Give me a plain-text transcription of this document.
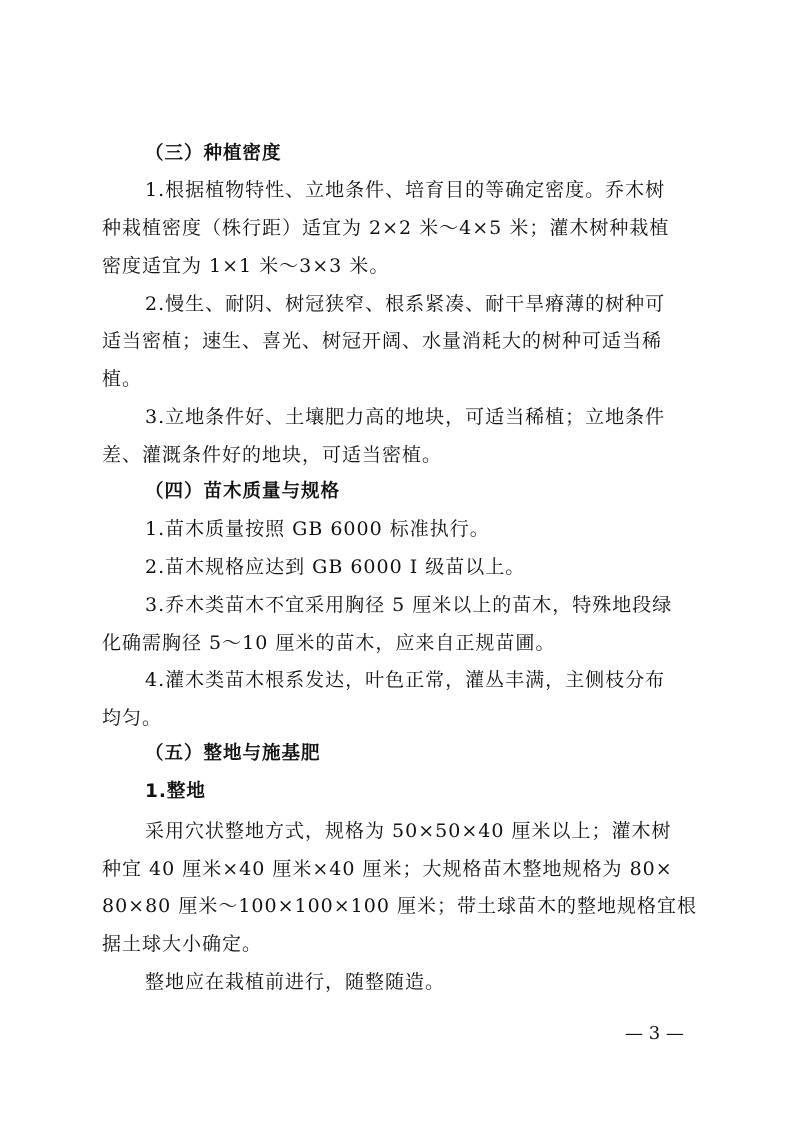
（三）种植密度
1.根据植物特性、立地条件、培育目的等确定密度。乔木树
种栽植密度（株行距）适宜为 2×2 米～4×5 米；灌木树种栽植
密度适宜为 1×1 米～3×3 米。
2.慢生、耐阴、树冠狭窄、根系紧凑、耐干旱瘠薄的树种可
适当密植；速生、喜光、树冠开阔、水量消耗大的树种可适当稀
植。
3.立地条件好、土壤肥力高的地块，可适当稀植；立地条件
差、灌溉条件好的地块，可适当密植。
（四）苗木质量与规格
1.苗木质量按照 GB 6000 标准执行。
2.苗木规格应达到 GB 6000 I 级苗以上。
3.乔木类苗木不宜采用胸径 5 厘米以上的苗木，特殊地段绿
化确需胸径 5～10 厘米的苗木，应来自正规苗圃。
4.灌木类苗木根系发达，叶色正常，灌丛丰满，主侧枝分布
均匀。
（五）整地与施基肥
1.整地
采用穴状整地方式，规格为 50×50×40 厘米以上；灌木树
种宜 40 厘米×40 厘米×40 厘米；大规格苗木整地规格为 80×
80×80 厘米～100×100×100 厘米；带土球苗木的整地规格宜根
据土球大小确定。
整地应在栽植前进行，随整随造。
— 3 —
